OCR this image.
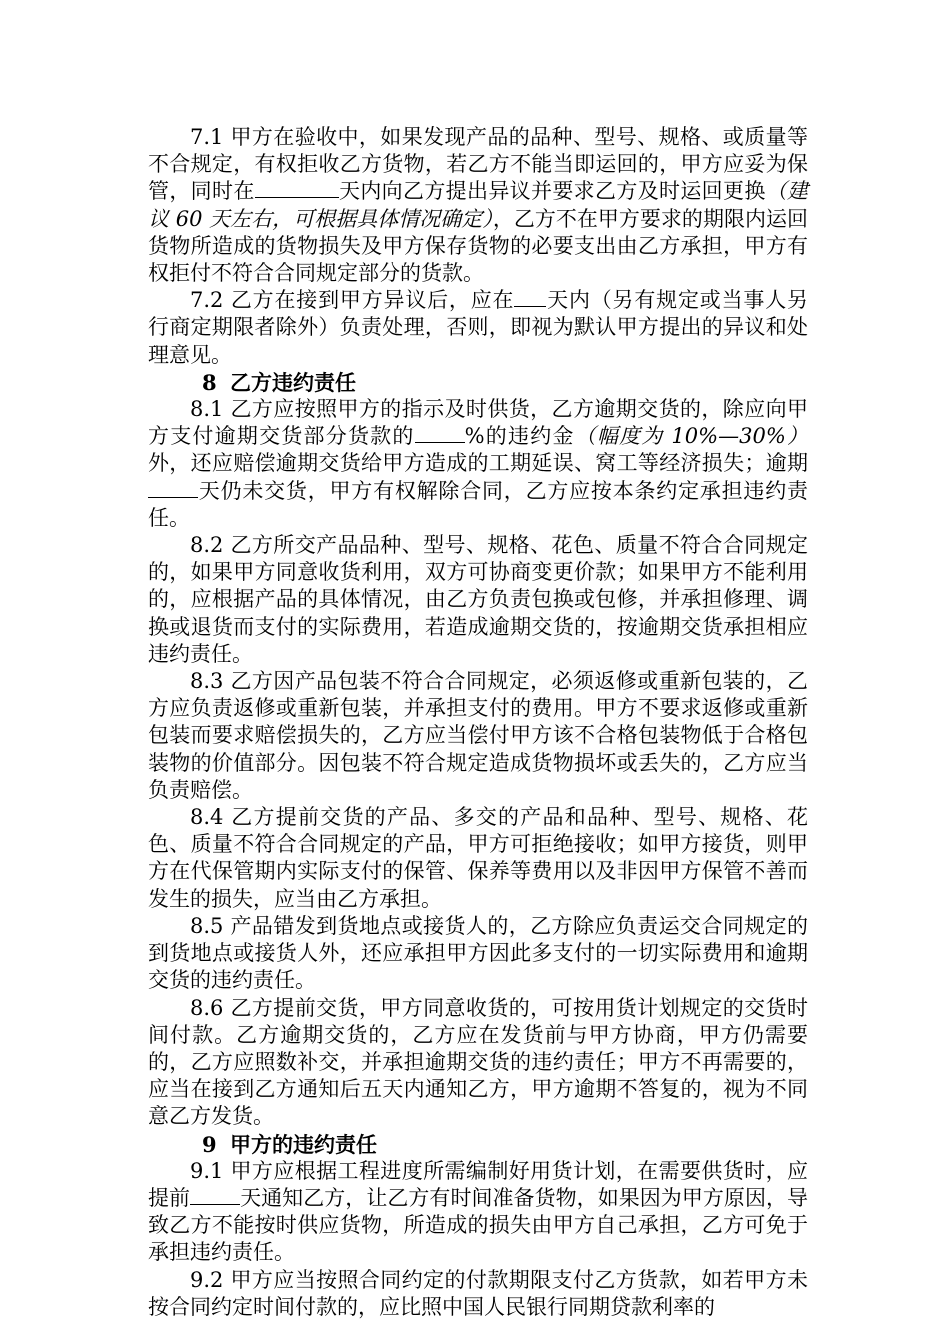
7.1 甲方在验收中，如果发现产品的品种、型号、规格、或质量等不合规定，有权拒收乙方货物，若乙方不能当即运回的，甲方应妥为保管，同时在	天内向乙方提出异议并要求乙方及时运回更换（建议 60 天左右，可根据具体情况确定），乙方不在甲方要求的期限内运回货物所造成的货物损失及甲方保存货物的必要支出由乙方承担，甲方有权拒付不符合合同规定部分的货款。

7.2 乙方在接到甲方异议后，应在 天内（另有规定或当事人另行商定期限者除外）负责处理，否则，即视为默认甲方提出的异议和处理意见。

8 乙方违约责任

8.1 乙方应按照甲方的指示及时供货，乙方逾期交货的，除应向甲方支付逾期交货部分货款的 %的违约金（幅度为 10%—30%）外，还应赔偿逾期交货给甲方造成的工期延误、窝工等经济损失；逾期天仍未交货，甲方有权解除合同，乙方应按本条约定承担违约责任。

8.2 乙方所交产品品种、型号、规格、花色、质量不符合合同规定的，如果甲方同意收货利用，双方可协商变更价款；如果甲方不能利用的，应根据产品的具体情况，由乙方负责包换或包修，并承担修理、调换或退货而支付的实际费用，若造成逾期交货的，按逾期交货承担相应违约责任。

8.3 乙方因产品包装不符合合同规定，必须返修或重新包装的，乙方应负责返修或重新包装，并承担支付的费用。甲方不要求返修或重新包装而要求赔偿损失的，乙方应当偿付甲方该不合格包装物低于合格包装物的价值部分。因包装不符合规定造成货物损坏或丢失的，乙方应当负责赔偿。

8.4 乙方提前交货的产品、多交的产品和品种、型号、规格、花色、质量不符合合同规定的产品，甲方可拒绝接收；如甲方接货，则甲方在代保管期内实际支付的保管、保养等费用以及非因甲方保管不善而发生的损失，应当由乙方承担。

8.5 产品错发到货地点或接货人的，乙方除应负责运交合同规定的到货地点或接货人外，还应承担甲方因此多支付的一切实际费用和逾期交货的违约责任。

8.6 乙方提前交货，甲方同意收货的，可按用货计划规定的交货时间付款。乙方逾期交货的，乙方应在发货前与甲方协商，甲方仍需要的，乙方应照数补交，并承担逾期交货的违约责任；甲方不再需要的，应当在接到乙方通知后五天内通知乙方，甲方逾期不答复的，视为不同意乙方发货。

9 甲方的违约责任

9.1 甲方应根据工程进度所需编制好用货计划，在需要供货时，应提前 天通知乙方，让乙方有时间准备货物，如果因为甲方原因，导致乙方不能按时供应货物，所造成的损失由甲方自己承担，乙方可免于承担违约责任。

9.2 甲方应当按照合同约定的付款期限支付乙方货款，如若甲方未按合同约定时间付款的，应比照中国人民银行同期贷款利率的
